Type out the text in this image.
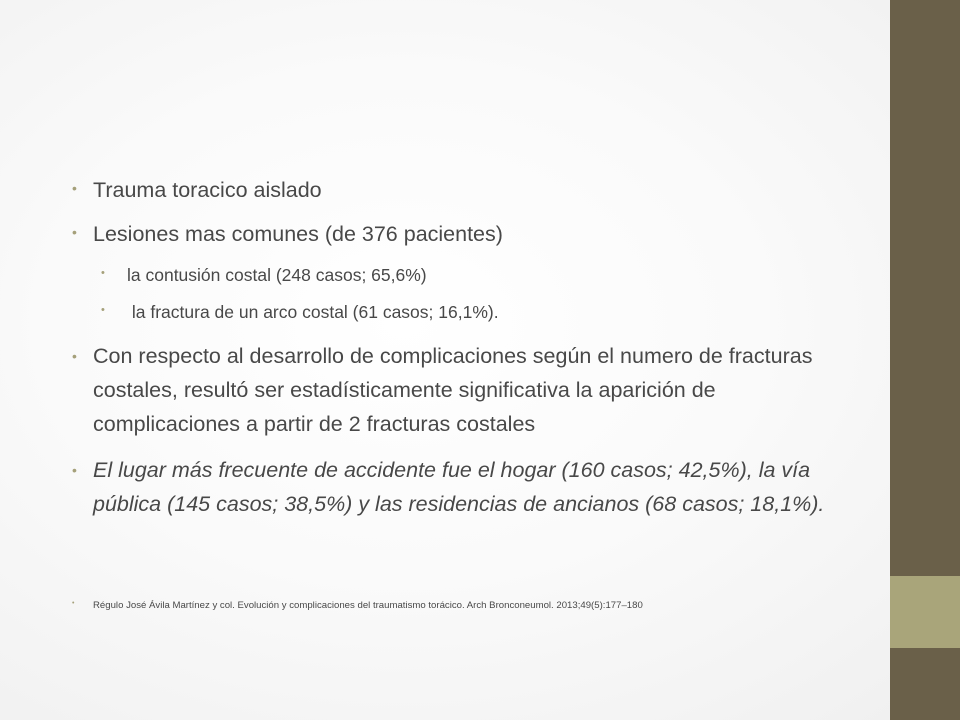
• Trauma toracico aislado
• Lesiones mas comunes (de 376 pacientes)
• la contusión costal (248 casos; 65,6%)
• la fractura de un arco costal (61 casos; 16,1%).
• Con respecto al desarrollo de complicaciones según el numero de fracturas costales, resultó ser estadísticamente significativa la aparición de complicaciones a partir de 2 fracturas costales
• El lugar más frecuente de accidente fue el hogar (160 casos; 42,5%), la vía pública (145 casos; 38,5%) y las residencias de ancianos (68 casos; 18,1%).
• Régulo José Ávila Martínez y col. Evolución y complicaciones del traumatismo torácico. Arch Bronconeumol. 2013;49(5):177–180
